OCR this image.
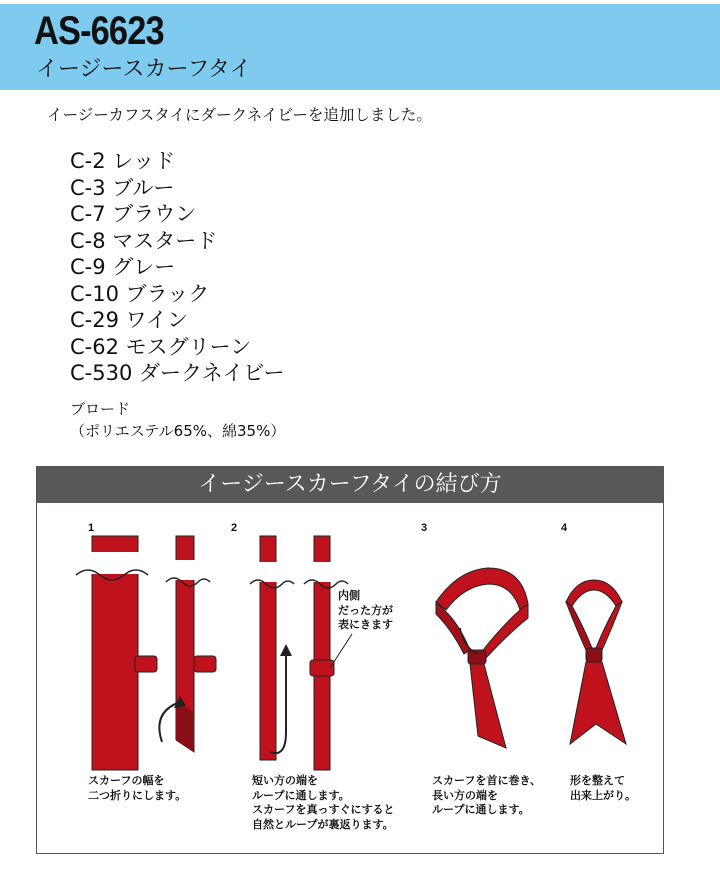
AS-6623
イージースカーフタイ
イージーカフスタイにダークネイビーを追加しました。
C-2 レッド
C-3 ブルー
C-7 ブラウン
C-8 マスタード
C-9 グレー
C-10 ブラック
C-29 ワイン
C-62 モスグリーン
C-530 ダークネイビー
ブロード
（ポリエステル65%、綿35%）
イージースカーフタイの結び方
1	2	3	4
内側
だった方が
表にきます
スカーフの幅を
二つ折りにします。
短い方の端を
ループに通します。
スカーフを真っすぐにすると
自然とループが裏返ります。
スカーフを首に巻き、
長い方の端を
ループに通します。
形を整えて
出来上がり。
